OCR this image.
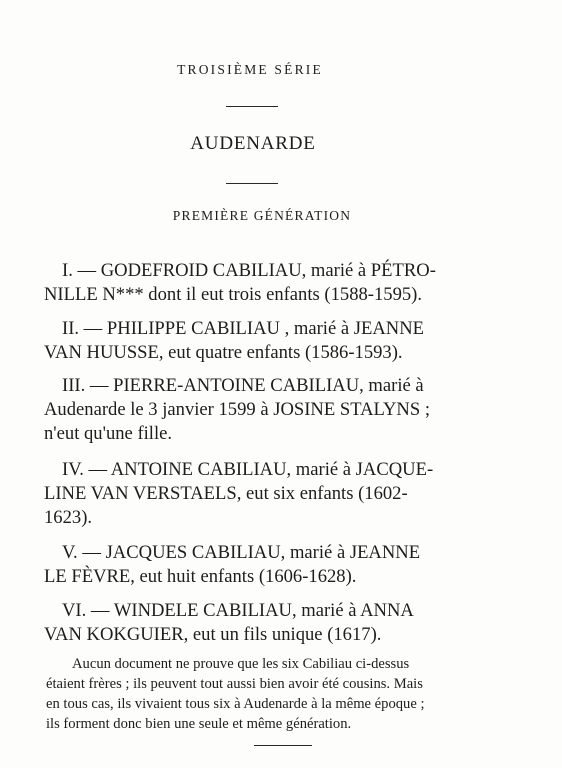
TROISIÈME SÉRIE
AUDENARDE
PREMIÈRE GÉNÉRATION
I. — GODEFROID CABILIAU, marié à PÉTRO-
NILLE N*** dont il eut trois enfants (1588-1595).
II. — PHILIPPE CABILIAU , marié à JEANNE
VAN HUUSSE, eut quatre enfants (1586-1593).
III. — PIERRE-ANTOINE CABILIAU, marié à
Audenarde le 3 janvier 1599 à JOSINE STALYNS ;
n'eut qu'une fille.
IV. — ANTOINE CABILIAU, marié à JACQUE-
LINE VAN VERSTAELS, eut six enfants (1602-
1623).
V. — JACQUES CABILIAU, marié à JEANNE
LE FÈVRE, eut huit enfants (1606-1628).
VI. — WINDELE CABILIAU, marié à ANNA
VAN KOKGUIER, eut un fils unique (1617).
Aucun document ne prouve que les six Cabiliau ci-dessus
étaient frères ; ils peuvent tout aussi bien avoir été cousins. Mais
en tous cas, ils vivaient tous six à Audenarde à la même époque ;
ils forment donc bien une seule et même génération.
